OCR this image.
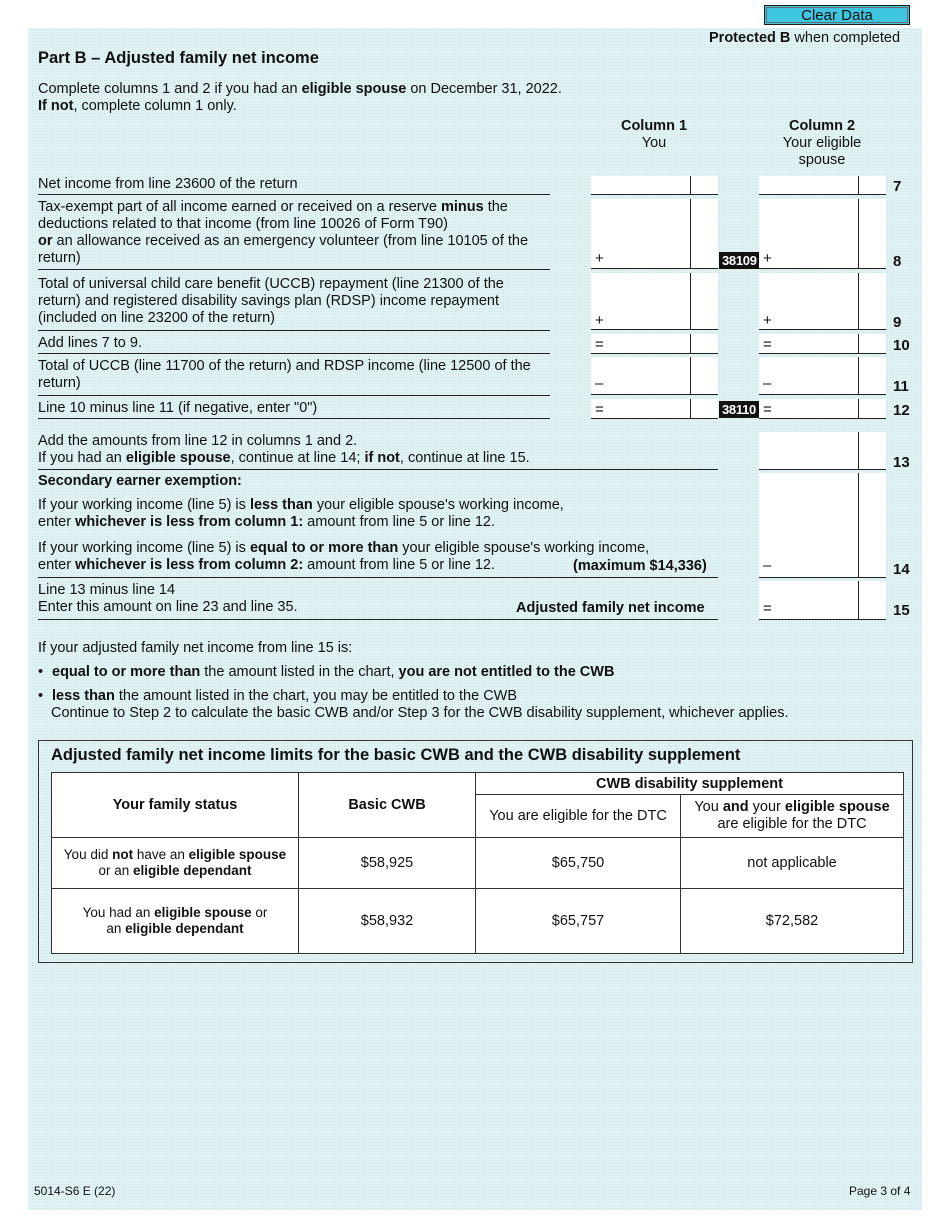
Clear Data
Protected B when completed
Part B – Adjusted family net income
Complete columns 1 and 2 if you had an eligible spouse on December 31, 2022.
If not, complete column 1 only.
Column 1
You
Column 2
Your eligible
spouse
Net income from line 23600 of the return	7
Tax-exempt part of all income earned or received on a reserve minus the deductions related to that income (from line 10026 of Form T90)
or an allowance received as an emergency volunteer (from line 10105 of the return)	+	38109 +	8
Total of universal child care benefit (UCCB) repayment (line 21300 of the return) and registered disability savings plan (RDSP) income repayment (included on line 23200 of the return)	+	+	9
Add lines 7 to 9.	=	=	10
Total of UCCB (line 11700 of the return) and RDSP income (line 12500 of the return)	–	–	11
Line 10 minus line 11 (if negative, enter "0")	=	38110 =	12
Add the amounts from line 12 in columns 1 and 2.
If you had an eligible spouse, continue at line 14; if not, continue at line 15.	13
Secondary earner exemption:
If your working income (line 5) is less than your eligible spouse's working income,
enter whichever is less from column 1: amount from line 5 or line 12.
If your working income (line 5) is equal to or more than your eligible spouse's working income,
enter whichever is less from column 2: amount from line 5 or line 12.	(maximum $14,336)	–	14
Line 13 minus line 14
Enter this amount on line 23 and line 35.	Adjusted family net income	=	15
If your adjusted family net income from line 15 is:
• equal to or more than the amount listed in the chart, you are not entitled to the CWB
• less than the amount listed in the chart, you may be entitled to the CWB
Continue to Step 2 to calculate the basic CWB and/or Step 3 for the CWB disability supplement, whichever applies.
Adjusted family net income limits for the basic CWB and the CWB disability supplement
Your family status	Basic CWB	CWB disability supplement	
		You are eligible for the DTC	You and your eligible spouse
are eligible for the DTC
You did not have an eligible spouse
or an eligible dependant	$58,925	$65,750	not applicable
You had an eligible spouse or
an eligible dependant	$58,932	$65,757	$72,582
5014-S6 E (22)	Page 3 of 4
